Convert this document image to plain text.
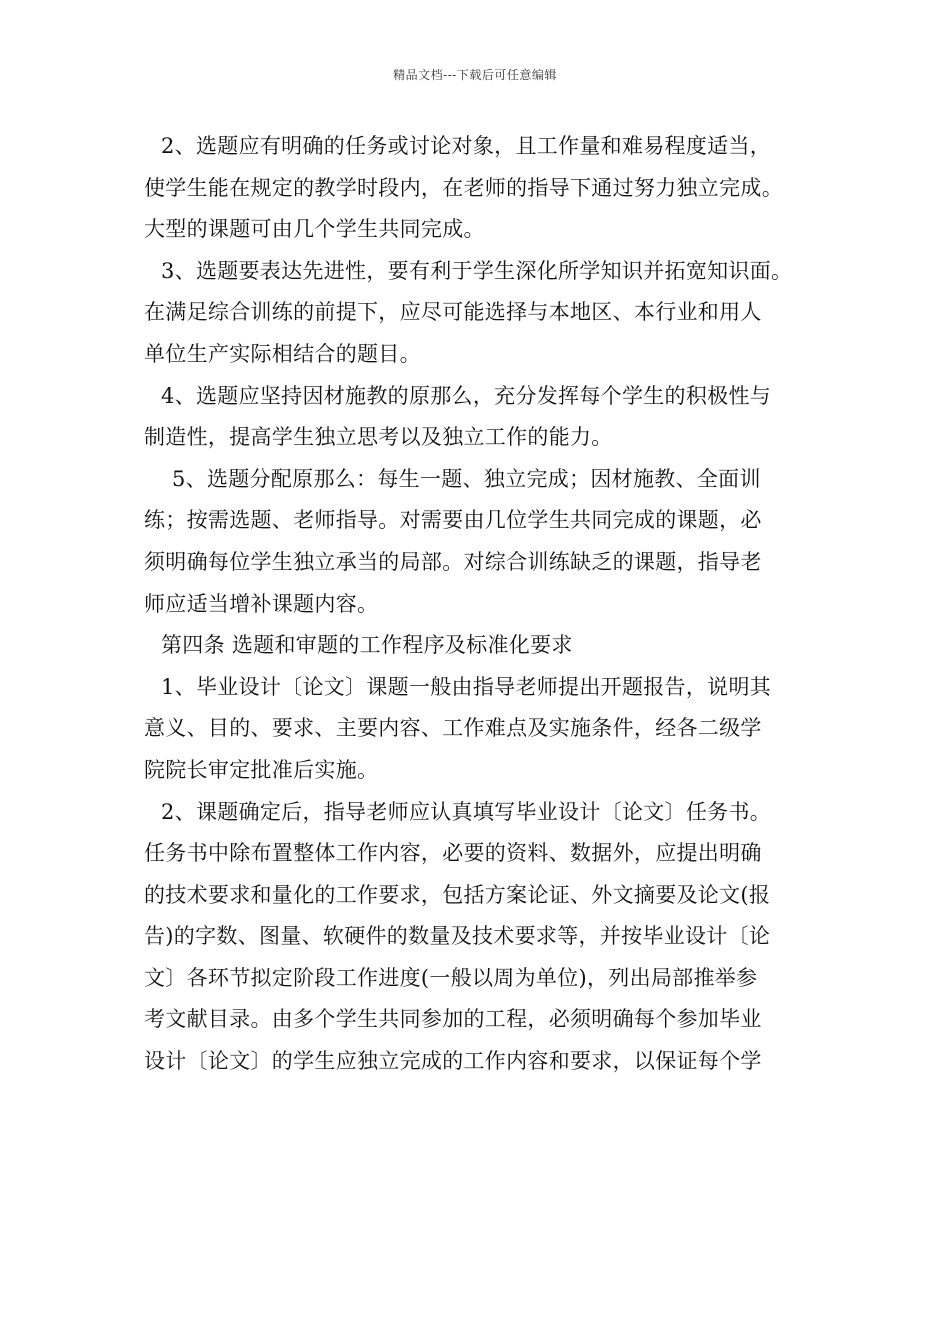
精品文档---下载后可任意编辑
2、选题应有明确的任务或讨论对象，且工作量和难易程度适当，
使学生能在规定的教学时段内，在老师的指导下通过努力独立完成。
大型的课题可由几个学生共同完成。
3、选题要表达先进性，要有利于学生深化所学知识并拓宽知识面。
在满足综合训练的前提下，应尽可能选择与本地区、本行业和用人
单位生产实际相结合的题目。
4、选题应坚持因材施教的原那么，充分发挥每个学生的积极性与
制造性，提高学生独立思考以及独立工作的能力。
5、选题分配原那么：每生一题、独立完成；因材施教、全面训
练；按需选题、老师指导。对需要由几位学生共同完成的课题，必
须明确每位学生独立承当的局部。对综合训练缺乏的课题，指导老
师应适当增补课题内容。
第四条 选题和审题的工作程序及标准化要求
1、毕业设计〔论文〕课题一般由指导老师提出开题报告，说明其
意义、目的、要求、主要内容、工作难点及实施条件，经各二级学
院院长审定批准后实施。
2、课题确定后，指导老师应认真填写毕业设计〔论文〕任务书。
任务书中除布置整体工作内容，必要的资料、数据外，应提出明确
的技术要求和量化的工作要求，包括方案论证、外文摘要及论文(报
告)的字数、图量、软硬件的数量及技术要求等，并按毕业设计〔论
文〕各环节拟定阶段工作进度(一般以周为单位)，列出局部推举参
考文献目录。由多个学生共同参加的工程，必须明确每个参加毕业
设计〔论文〕的学生应独立完成的工作内容和要求，以保证每个学
